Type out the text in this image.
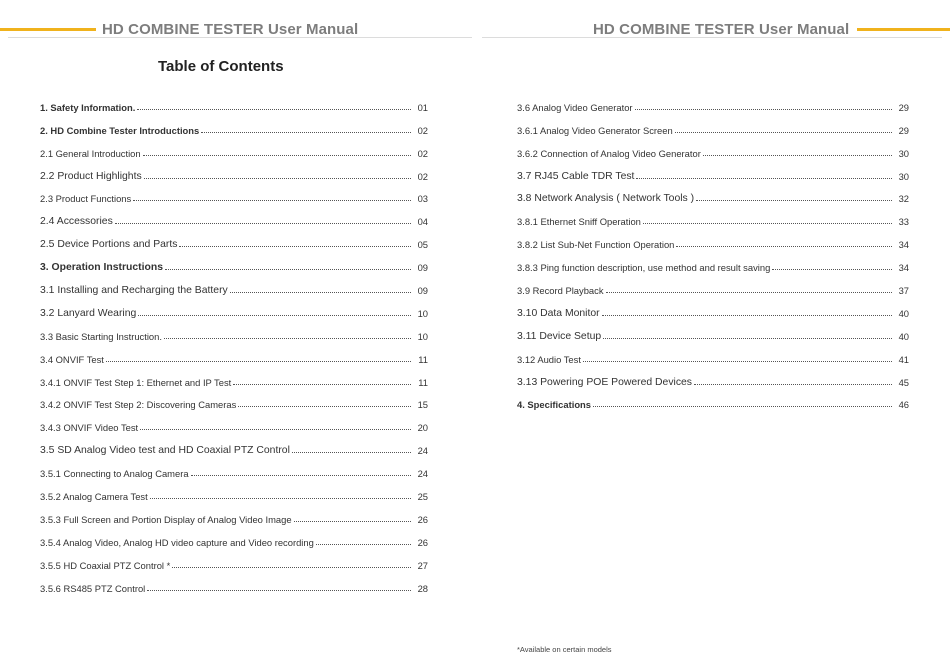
HD COMBINE TESTER User Manual	HD COMBINE TESTER User Manual
Table of Contents
1. Safety Information.	01
2. HD Combine Tester Introductions	02
2.1 General Introduction	02
2.2 Product Highlights	02
2.3 Product Functions	03
2.4 Accessories	04
2.5 Device Portions and Parts	05
3. Operation Instructions	09
3.1 Installing and Recharging the Battery	09
3.2 Lanyard Wearing	10
3.3 Basic Starting Instruction.	10
3.4 ONVIF Test	11
3.4.1 ONVIF Test Step 1: Ethernet and IP Test	11
3.4.2 ONVIF Test Step 2: Discovering Cameras	15
3.4.3 ONVIF Video Test	20
3.5 SD Analog Video test and HD Coaxial PTZ Control	24
3.5.1 Connecting to Analog Camera	24
3.5.2 Analog Camera Test	25
3.5.3 Full Screen and Portion Display of Analog Video Image	26
3.5.4 Analog Video, Analog HD video capture and Video recording	26
3.5.5 HD Coaxial PTZ Control *	27
3.5.6 RS485 PTZ Control	28
3.6 Analog Video Generator	29
3.6.1 Analog Video Generator Screen	29
3.6.2 Connection of Analog Video Generator	30
3.7 RJ45 Cable TDR Test	30
3.8 Network Analysis ( Network Tools )	32
3.8.1 Ethernet Sniff Operation	33
3.8.2 List Sub-Net Function Operation	34
3.8.3 Ping function description, use method and result saving	34
3.9 Record Playback	37
3.10 Data Monitor	40
3.11 Device Setup	40
3.12 Audio Test	41
3.13 Powering POE Powered Devices	45
4. Specifications	46
*Available on certain models
